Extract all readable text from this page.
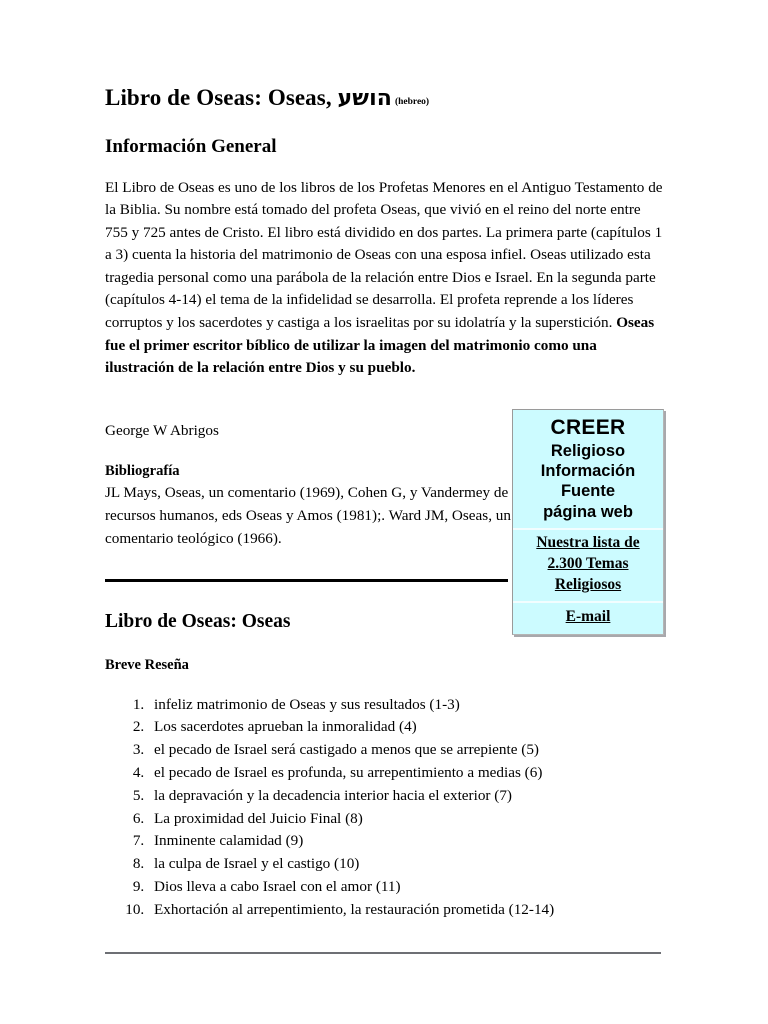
Libro de Oseas: Oseas, הושע (hebreo)
Información General

El Libro de Oseas es uno de los libros de los Profetas Menores en el Antiguo Testamento de la Biblia. Su nombre está tomado del profeta Oseas, que vivió en el reino del norte entre 755 y 725 antes de Cristo. El libro está dividido en dos partes. La primera parte (capítulos 1 a 3) cuenta la historia del matrimonio de Oseas con una esposa infiel. Oseas utilizado esta tragedia personal como una parábola de la relación entre Dios e Israel. En la segunda parte (capítulos 4-14) el tema de la infidelidad se desarrolla. El profeta reprende a los líderes corruptos y los sacerdotes y castiga a los israelitas por su idolatría y la superstición. Oseas fue el primer escritor bíblico de utilizar la imagen del matrimonio como una ilustración de la relación entre Dios y su pueblo.

George W Abrigos

Bibliografía

JL Mays, Oseas, un comentario (1969), Cohen G, y Vandermey de recursos humanos, eds Oseas y Amos (1981);. Ward JM, Oseas, un comentario teológico (1966).

Libro de Oseas: Oseas
Breve Reseña
1. infeliz matrimonio de Oseas y sus resultados (1-3)
2. Los sacerdotes aprueban la inmoralidad (4)
3. el pecado de Israel será castigado a menos que se arrepiente (5)
4. el pecado de Israel es profunda, su arrepentimiento a medias (6)
5. la depravación y la decadencia interior hacia el exterior (7)
6. La proximidad del Juicio Final (8)
7. Inminente calamidad (9)
8. la culpa de Israel y el castigo (10)
9. Dios lleva a cabo Israel con el amor (11)
10. Exhortación al arrepentimiento, la restauración prometida (12-14)
CREER
Religioso
Información
Fuente
página web
Nuestra lista de
2.300 Temas
Religiosos
E-mail
